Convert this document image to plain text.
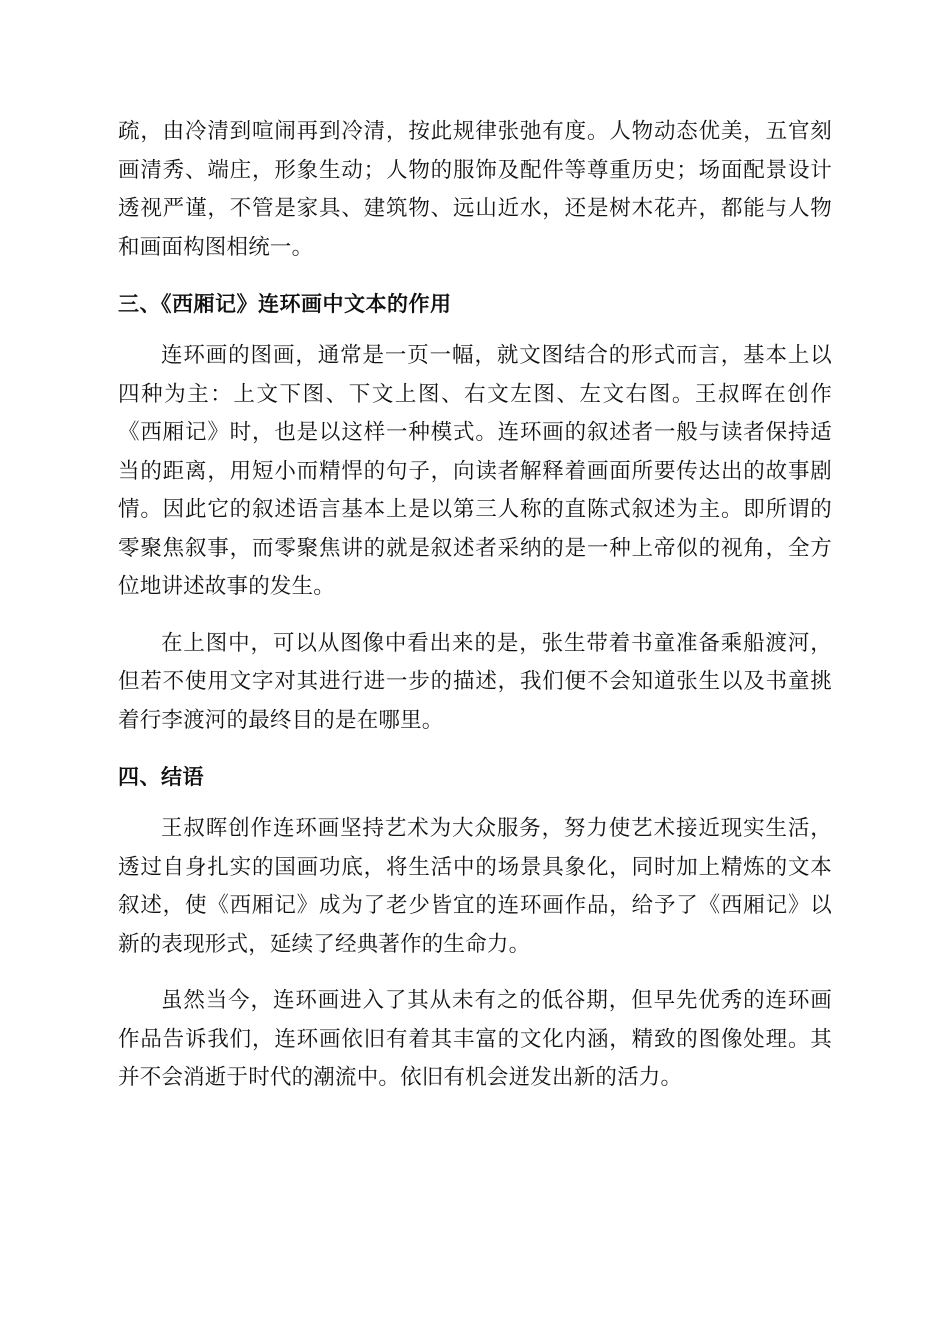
疏，由冷清到喧闹再到冷清，按此规律张弛有度。人物动态优美，五官刻画清秀、端庄，形象生动；人物的服饰及配件等尊重历史；场面配景设计透视严谨，不管是家具、建筑物、远山近水，还是树木花卉，都能与人物和画面构图相统一。

三、《西厢记》连环画中文本的作用

连环画的图画，通常是一页一幅，就文图结合的形式而言，基本上以四种为主：上文下图、下文上图、右文左图、左文右图。王叔晖在创作《西厢记》时，也是以这样一种模式。连环画的叙述者一般与读者保持适当的距离，用短小而精悍的句子，向读者解释着画面所要传达出的故事剧情。因此它的叙述语言基本上是以第三人称的直陈式叙述为主。即所谓的零聚焦叙事，而零聚焦讲的就是叙述者采纳的是一种上帝似的视角，全方位地讲述故事的发生。

在上图中，可以从图像中看出来的是，张生带着书童准备乘船渡河，但若不使用文字对其进行进一步的描述，我们便不会知道张生以及书童挑着行李渡河的最终目的是在哪里。

四、结语

王叔晖创作连环画坚持艺术为大众服务，努力使艺术接近现实生活，透过自身扎实的国画功底，将生活中的场景具象化，同时加上精炼的文本叙述，使《西厢记》成为了老少皆宜的连环画作品，给予了《西厢记》以新的表现形式，延续了经典著作的生命力。

虽然当今，连环画进入了其从未有之的低谷期，但早先优秀的连环画作品告诉我们，连环画依旧有着其丰富的文化内涵，精致的图像处理。其并不会消逝于时代的潮流中。依旧有机会迸发出新的活力。
